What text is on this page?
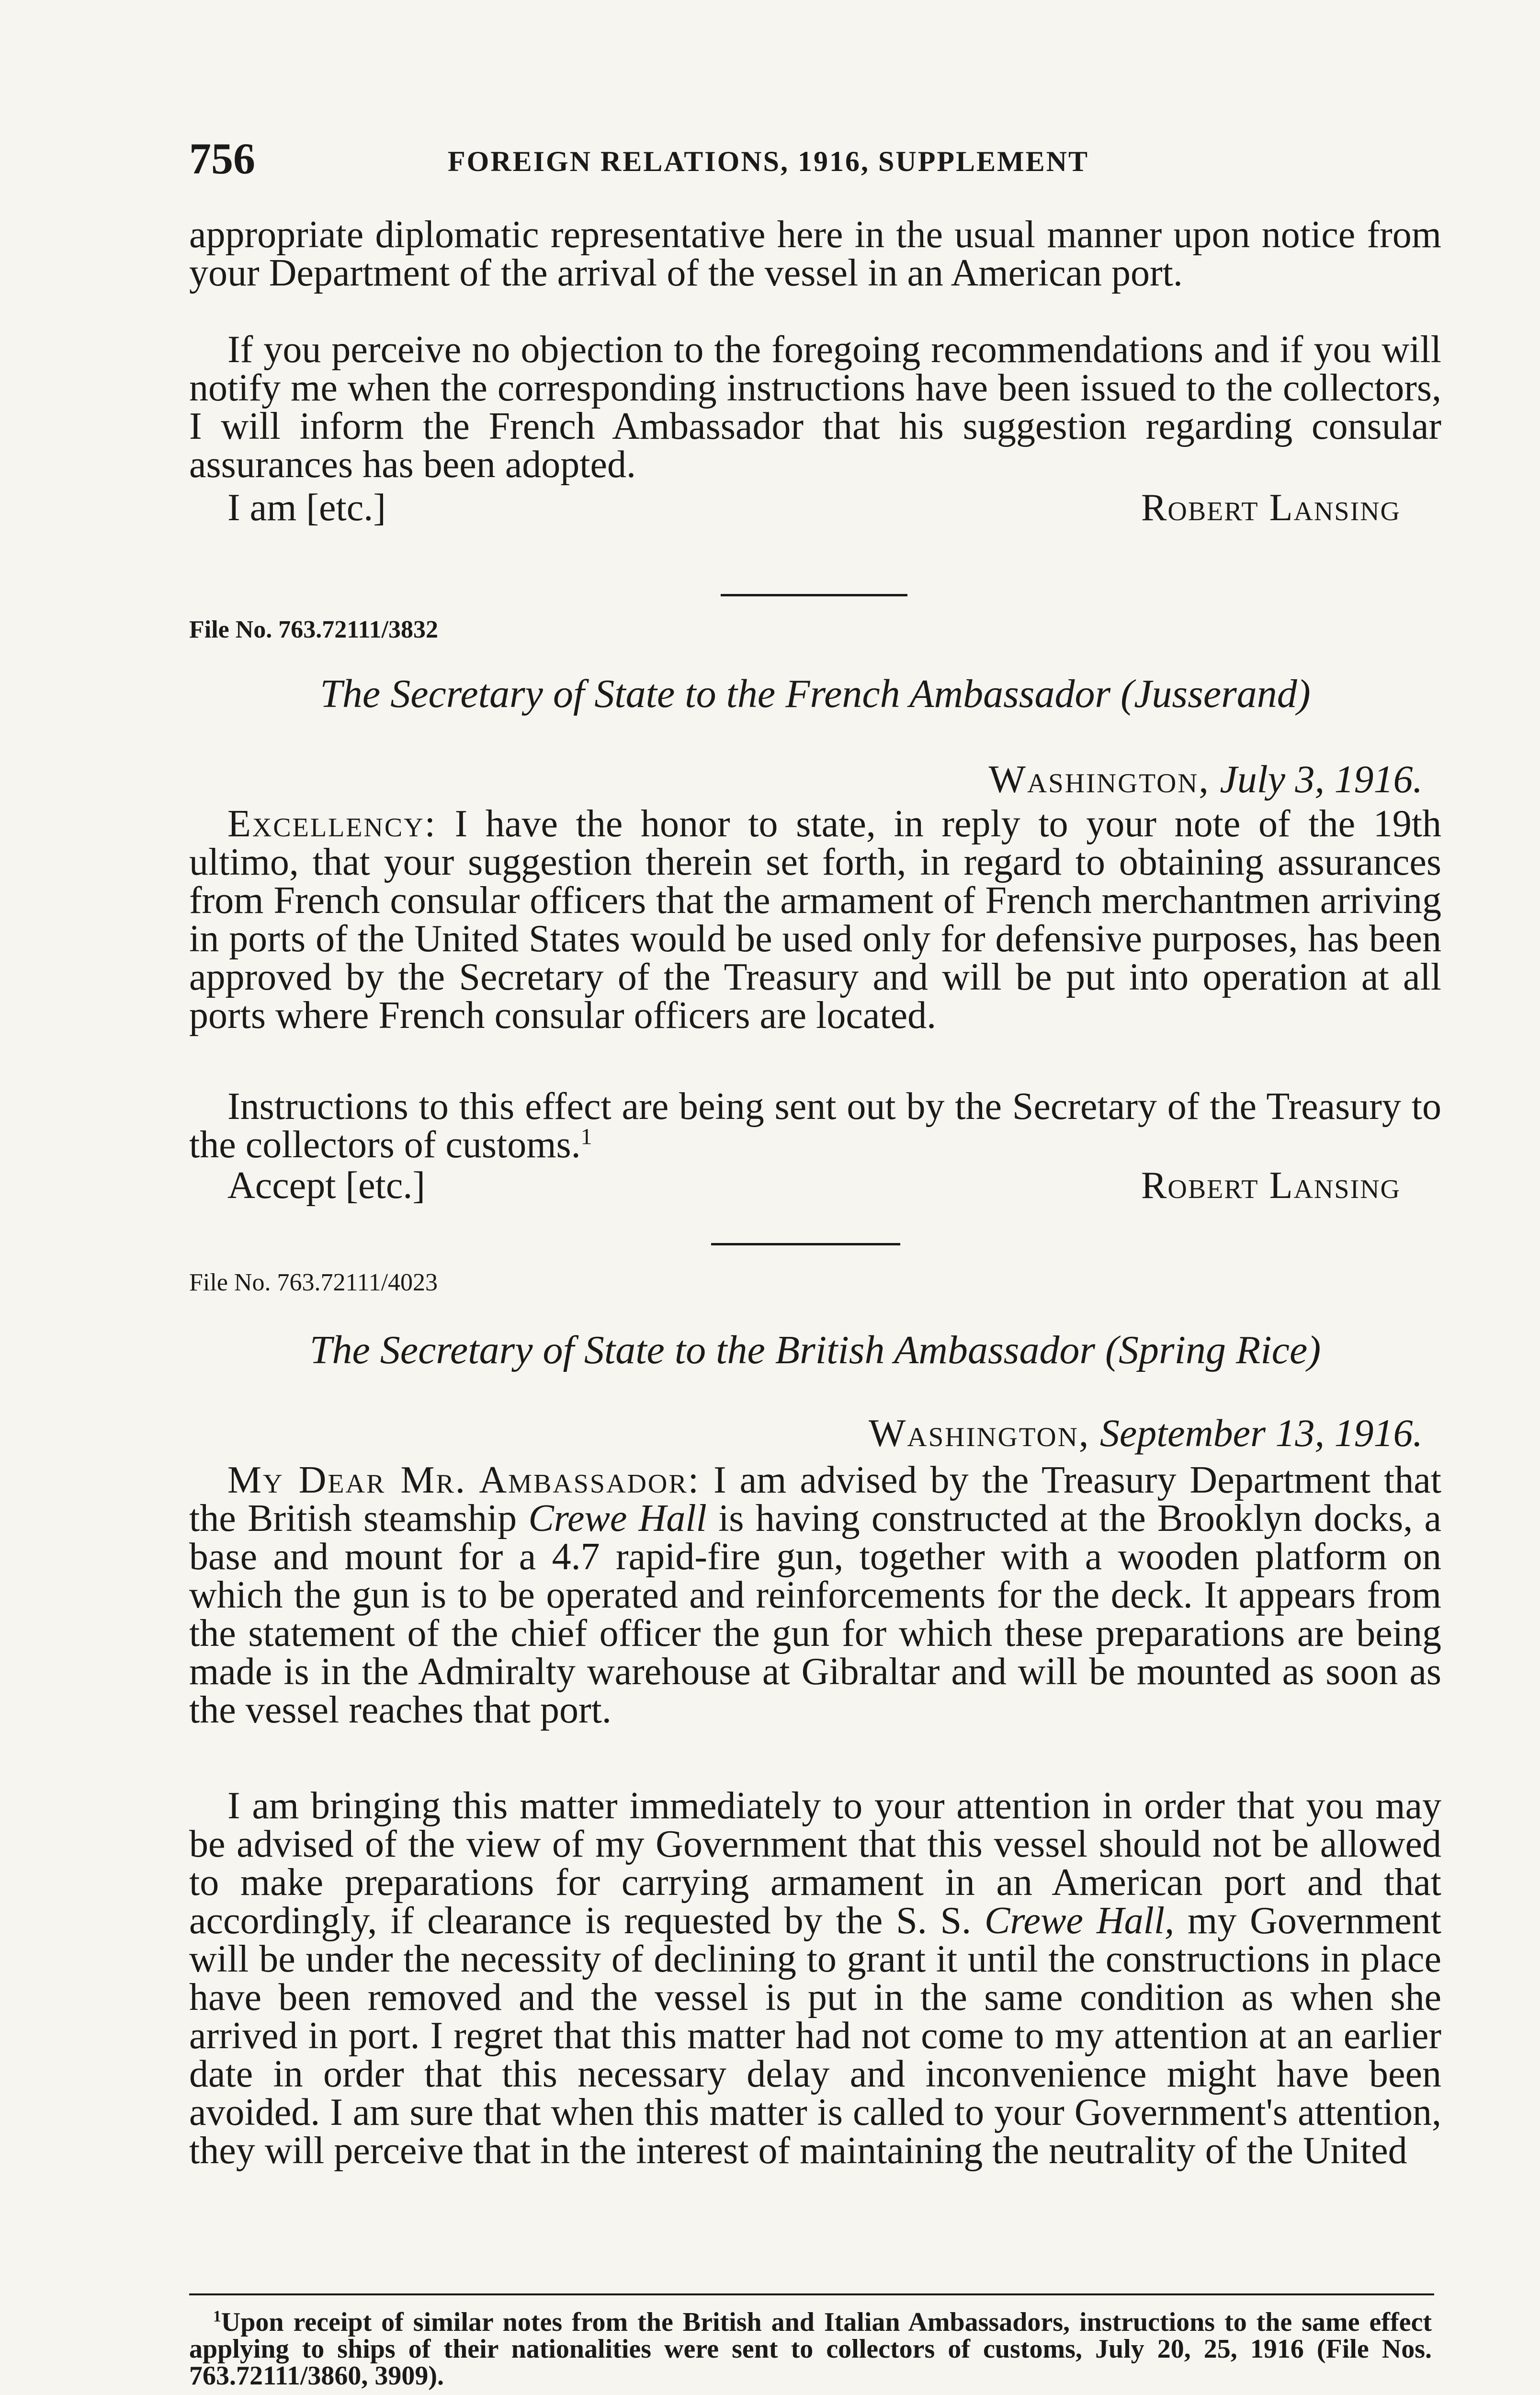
756	FOREIGN RELATIONS, 1916, SUPPLEMENT

appropriate diplomatic representative here in the usual manner upon notice from your Department of the arrival of the vessel in an American port.

If you perceive no objection to the foregoing recommendations and if you will notify me when the corresponding instructions have been issued to the collectors, I will inform the French Ambassador that his suggestion regarding consular assurances has been adopted.

I am [etc.]	Robert Lansing
File No. 763.72111/3832
The Secretary of State to the French Ambassador (Jusserand)
Washington, July 3, 1916.

Excellency: I have the honor to state, in reply to your note of the 19th ultimo, that your suggestion therein set forth, in regard to obtaining assurances from French consular officers that the armament of French merchantmen arriving in ports of the United States would be used only for defensive purposes, has been approved by the Secretary of the Treasury and will be put into operation at all ports where French consular officers are located.

Instructions to this effect are being sent out by the Secretary of the Treasury to the collectors of customs.$^1$

Accept [etc.]	Robert Lansing
File No. 763.72111/4023
The Secretary of State to the British Ambassador (Spring Rice)
Washington, September 13, 1916.

My Dear Mr. Ambassador: I am advised by the Treasury Department that the British steamship Crewe Hall is having constructed at the Brooklyn docks, a base and mount for a 4.7 rapid-fire gun, together with a wooden platform on which the gun is to be operated and reinforcements for the deck. It appears from the statement of the chief officer the gun for which these preparations are being made is in the Admiralty warehouse at Gibraltar and will be mounted as soon as the vessel reaches that port.

I am bringing this matter immediately to your attention in order that you may be advised of the view of my Government that this vessel should not be allowed to make preparations for carrying armament in an American port and that accordingly, if clearance is requested by the S. S. Crewe Hall, my Government will be under the necessity of declining to grant it until the constructions in place have been removed and the vessel is put in the same condition as when she arrived in port. I regret that this matter had not come to my attention at an earlier date in order that this necessary delay and inconvenience might have been avoided. I am sure that when this matter is called to your Government's attention, they will perceive that in the interest of maintaining the neutrality of the United

$^1$Upon receipt of similar notes from the British and Italian Ambassadors, instructions to the same effect applying to ships of their nationalities were sent to collectors of customs, July 20, 25, 1916 (File Nos. 763.72111/3860, 3909).
